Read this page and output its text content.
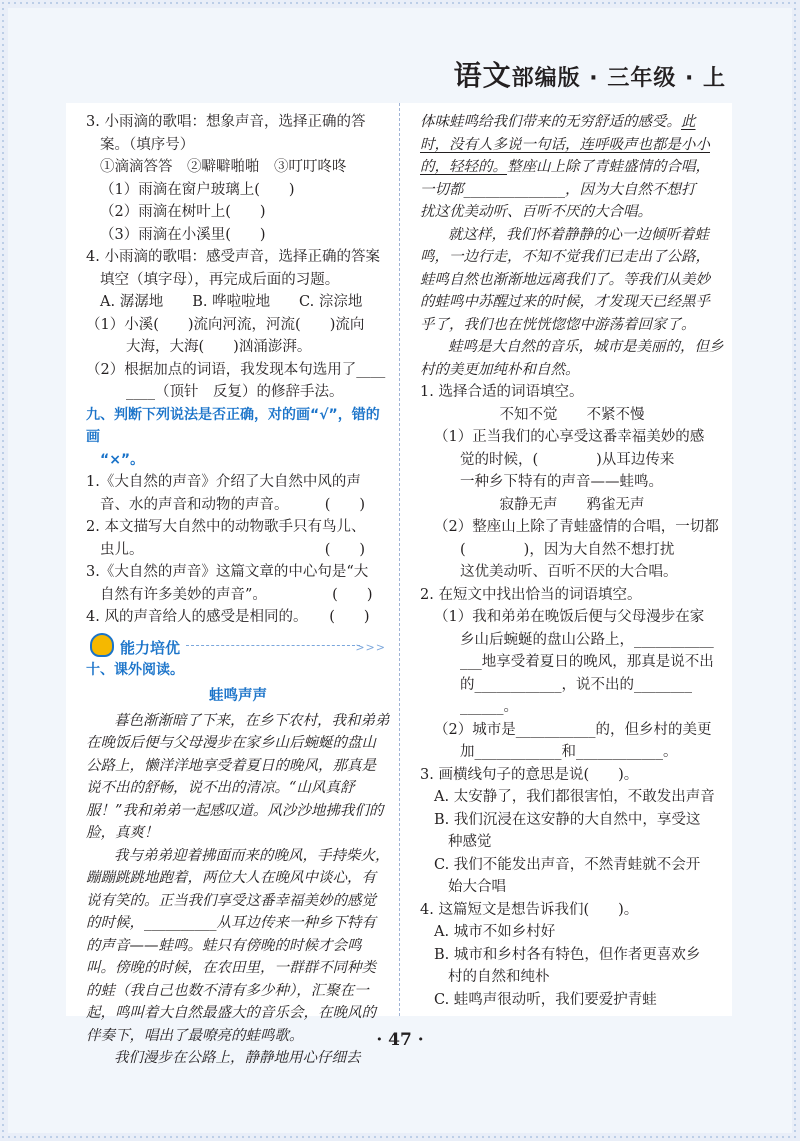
语文部编版 · 三年级 · 上

3. 小雨滴的歌唱：想象声音，选择正确的答

案。（填序号）

①滴滴答答　②噼噼啪啪　③叮叮咚咚

（1）雨滴在窗户玻璃上(　　)

（2）雨滴在树叶上(　　)

（3）雨滴在小溪里(　　)

4. 小雨滴的歌唱：感受声音，选择正确的答案

填空（填字母），再完成后面的习题。

A. 潺潺地　　B. 哗啦啦地　　C. 淙淙地

（1）小溪(　　)流向河流，河流(　　)流向

大海，大海(　　)汹涌澎湃。

（2）根据加点的词语，我发现本句选用了____

____（顶针　反复）的修辞手法。

九、判断下列说法是否正确，对的画“√”，错的画

“×”。

1.《大自然的声音》介绍了大自然中风的声

音、水的声音和动物的声音。　　　(　　)

2. 本文描写大自然中的动物歌手只有鸟儿、

虫儿。　　　　　　　　　　　　　(　　)

3.《大自然的声音》这篇文章的中心句是“大

自然有许多美妙的声音”。　　　　　(　　)

4. 风的声音给人的感受是相同的。　　(　　)

能力培优	>>>

十、课外阅读。

蛙鸣声声

暮色渐渐暗了下来，在乡下农村，我和弟弟在晚饭后便与父母漫步在家乡山后蜿蜒的盘山公路上，懒洋洋地享受着夏日的晚风，那真是说不出的舒畅，说不出的清凉。“山风真舒服！”我和弟弟一起感叹道。风沙沙地拂我们的脸，真爽！

我与弟弟迎着拂面而来的晚风，手持柴火，蹦蹦跳跳地跑着，两位大人在晚风中谈心，有说有笑的。正当我们享受这番幸福美妙的感觉的时候，__________从耳边传来一种乡下特有的声音——蛙鸣。蛙只有傍晚的时候才会鸣叫。傍晚的时候，在农田里，一群群不同种类的蛙（我自己也数不清有多少种），汇聚在一起，鸣叫着大自然最盛大的音乐会，在晚风的伴奏下，唱出了最嘹亮的蛙鸣歌。

我们漫步在公路上，静静地用心仔细去

体味蛙鸣给我们带来的无穷舒适的感受。此

时，没有人多说一句话，连呼吸声也都是小小

的，轻轻的。整座山上除了青蛙盛情的合唱，

一切都______________，因为大自然不想打

扰这优美动听、百听不厌的大合唱。

就这样，我们怀着静静的心一边倾听着蛙鸣，一边行走，不知不觉我们已走出了公路，蛙鸣自然也渐渐地远离我们了。等我们从美妙的蛙鸣中苏醒过来的时候，才发现天已经黑乎乎了，我们也在恍恍惚惚中游荡着回家了。

蛙鸣是大自然的音乐，城市是美丽的，但乡村的美更加纯朴和自然。

1. 选择合适的词语填空。

不知不觉　　不紧不慢

（1）正当我们的心享受这番幸福美妙的感

觉的时候，(　　　　)从耳边传来

一种乡下特有的声音——蛙鸣。

寂静无声　　鸦雀无声

（2）整座山上除了青蛙盛情的合唱，一切都

(　　　　)，因为大自然不想打扰

这优美动听、百听不厌的大合唱。

2. 在短文中找出恰当的词语填空。

（1）我和弟弟在晚饭后便与父母漫步在家

乡山后蜿蜒的盘山公路上，___________

___地享受着夏日的晚风，那真是说不出

的____________，说不出的________

______。

（2）城市是___________的，但乡村的美更

加____________和____________。

3. 画横线句子的意思是说(　　)。

A. 太安静了，我们都很害怕，不敢发出声音

B. 我们沉浸在这安静的大自然中，享受这

种感觉

C. 我们不能发出声音，不然青蛙就不会开

始大合唱

4. 这篇短文是想告诉我们(　　)。

A. 城市不如乡村好

B. 城市和乡村各有特色，但作者更喜欢乡

村的自然和纯朴

C. 蛙鸣声很动听，我们要爱护青蛙

· 47 ·
